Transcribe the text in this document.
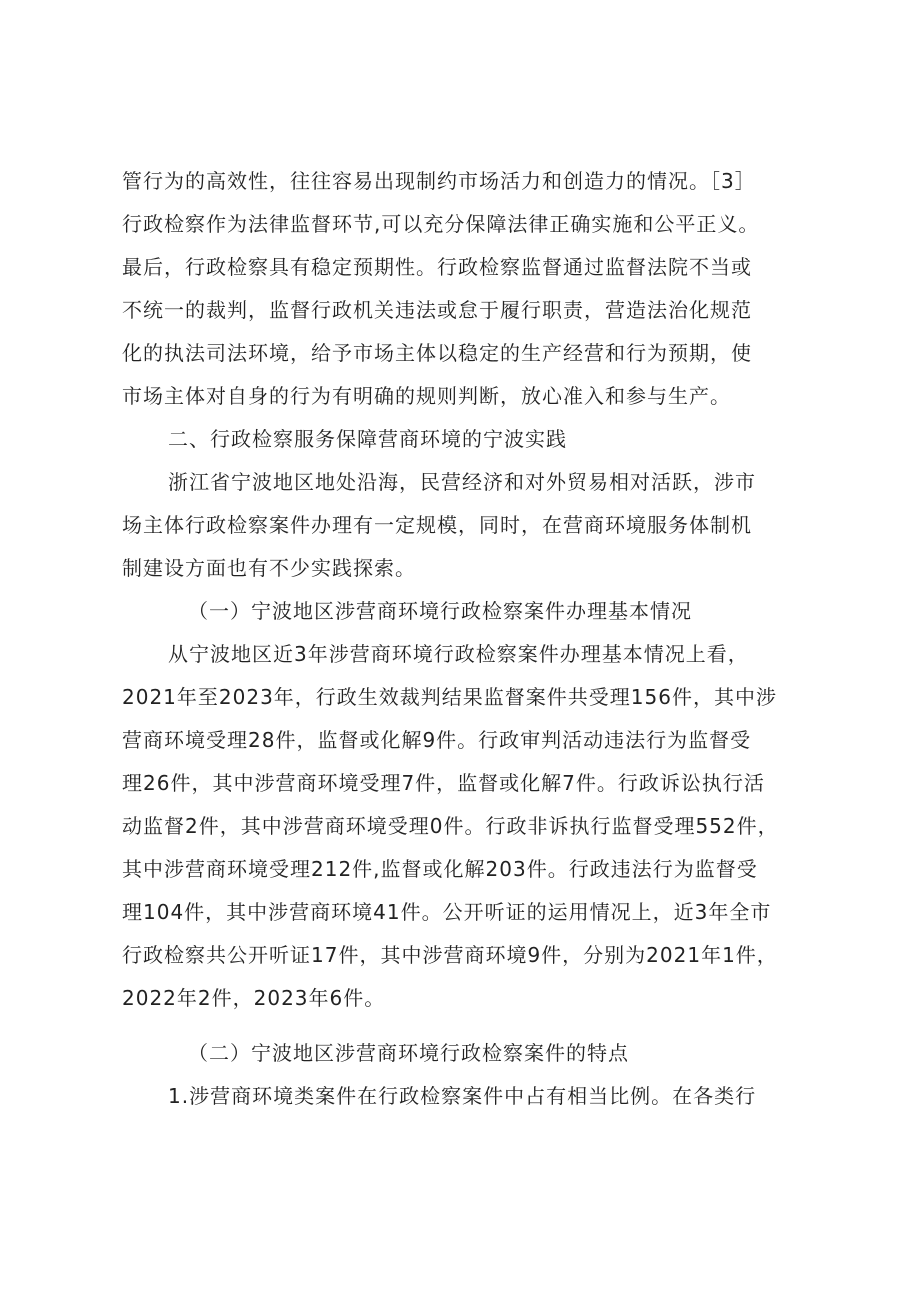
管行为的高效性，往往容易出现制约市场活力和创造力的情况。［3］
行政检察作为法律监督环节,可以充分保障法律正确实施和公平正义。
最后，行政检察具有稳定预期性。行政检察监督通过监督法院不当或
不统一的裁判，监督行政机关违法或怠于履行职责，营造法治化规范
化的执法司法环境，给予市场主体以稳定的生产经营和行为预期，使
市场主体对自身的行为有明确的规则判断，放心准入和参与生产。
二、行政检察服务保障营商环境的宁波实践
浙江省宁波地区地处沿海，民营经济和对外贸易相对活跃，涉市
场主体行政检察案件办理有一定规模，同时，在营商环境服务体制机
制建设方面也有不少实践探索。
（一）宁波地区涉营商环境行政检察案件办理基本情况
从宁波地区近3年涉营商环境行政检察案件办理基本情况上看，
2021年至2023年，行政生效裁判结果监督案件共受理156件，其中涉
营商环境受理28件，监督或化解9件。行政审判活动违法行为监督受
理26件，其中涉营商环境受理7件，监督或化解7件。行政诉讼执行活
动监督2件，其中涉营商环境受理0件。行政非诉执行监督受理552件，
其中涉营商环境受理212件,监督或化解203件。行政违法行为监督受
理104件，其中涉营商环境41件。公开听证的运用情况上，近3年全市
行政检察共公开听证17件，其中涉营商环境9件，分别为2021年1件，
2022年2件，2023年6件。
（二）宁波地区涉营商环境行政检察案件的特点
1.涉营商环境类案件在行政检察案件中占有相当比例。在各类行
